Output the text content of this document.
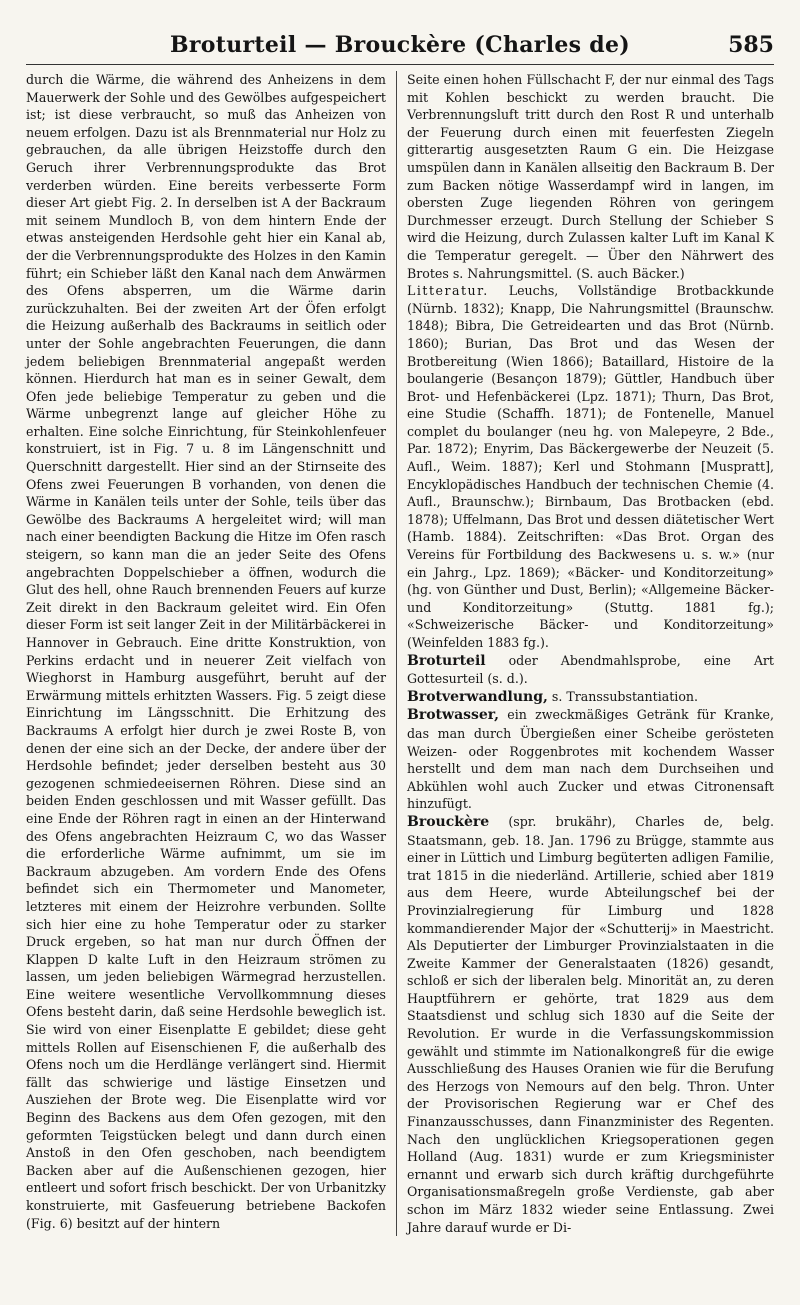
Broturteil — Brouckère (Charles de)	585

durch die Wärme, die während des Anheizens in dem Mauerwerk der Sohle und des Gewölbes aufgespeichert ist; ist diese verbraucht, so muß das Anheizen von neuem erfolgen. Dazu ist als Brennmaterial nur Holz zu gebrauchen, da alle übrigen Heizstoffe durch den Geruch ihrer Verbrennungsprodukte das Brot verderben würden. Eine bereits verbesserte Form dieser Art giebt Fig. 2. In derselben ist A der Backraum mit seinem Mundloch B, von dem hintern Ende der etwas ansteigenden Herdsohle geht hier ein Kanal ab, der die Verbrennungsprodukte des Holzes in den Kamin führt; ein Schieber läßt den Kanal nach dem Anwärmen des Ofens absperren, um die Wärme darin zurückzuhalten. Bei der zweiten Art der Öfen erfolgt die Heizung außerhalb des Backraums in seitlich oder unter der Sohle angebrachten Feuerungen, die dann jedem beliebigen Brennmaterial angepaßt werden können. Hierdurch hat man es in seiner Gewalt, dem Ofen jede beliebige Temperatur zu geben und die Wärme unbegrenzt lange auf gleicher Höhe zu erhalten. Eine solche Einrichtung, für Steinkohlenfeuer konstruiert, ist in Fig. 7 u. 8 im Längenschnitt und Querschnitt dargestellt. Hier sind an der Stirnseite des Ofens zwei Feuerungen B vorhanden, von denen die Wärme in Kanälen teils unter der Sohle, teils über das Gewölbe des Backraums A hergeleitet wird; will man nach einer beendigten Backung die Hitze im Ofen rasch steigern, so kann man die an jeder Seite des Ofens angebrachten Doppelschieber a öffnen, wodurch die Glut des hell, ohne Rauch brennenden Feuers auf kurze Zeit direkt in den Backraum geleitet wird. Ein Ofen dieser Form ist seit langer Zeit in der Militärbäckerei in Hannover in Gebrauch. Eine dritte Konstruktion, von Perkins erdacht und in neuerer Zeit vielfach von Wieghorst in Hamburg ausgeführt, beruht auf der Erwärmung mittels erhitzten Wassers. Fig. 5 zeigt diese Einrichtung im Längsschnitt. Die Erhitzung des Backraums A erfolgt hier durch je zwei Roste B, von denen der eine sich an der Decke, der andere über der Herdsohle befindet; jeder derselben besteht aus 30 gezogenen schmiedeeisernen Röhren. Diese sind an beiden Enden geschlossen und mit Wasser gefüllt. Das eine Ende der Röhren ragt in einen an der Hinterwand des Ofens angebrachten Heizraum C, wo das Wasser die erforderliche Wärme aufnimmt, um sie im Backraum abzugeben. Am vordern Ende des Ofens befindet sich ein Thermometer und Manometer, letzteres mit einem der Heizrohre verbunden. Sollte sich hier eine zu hohe Temperatur oder zu starker Druck ergeben, so hat man nur durch Öffnen der Klappen D kalte Luft in den Heizraum strömen zu lassen, um jeden beliebigen Wärmegrad herzustellen. Eine weitere wesentliche Vervollkommnung dieses Ofens besteht darin, daß seine Herdsohle beweglich ist. Sie wird von einer Eisenplatte E gebildet; diese geht mittels Rollen auf Eisenschienen F, die außerhalb des Ofens noch um die Herdlänge verlängert sind. Hiermit fällt das schwierige und lästige Einsetzen und Ausziehen der Brote weg. Die Eisenplatte wird vor Beginn des Backens aus dem Ofen gezogen, mit den geformten Teigstücken belegt und dann durch einen Anstoß in den Ofen geschoben, nach beendigtem Backen aber auf die Außenschienen gezogen, hier entleert und sofort frisch beschickt. Der von Urbanitzky konstruierte, mit Gasfeuerung betriebene Backofen (Fig. 6) besitzt auf der hintern

Seite einen hohen Füllschacht F, der nur einmal des Tags mit Kohlen beschickt zu werden braucht. Die Verbrennungsluft tritt durch den Rost R und unterhalb der Feuerung durch einen mit feuerfesten Ziegeln gitterartig ausgesetzten Raum G ein. Die Heizgase umspülen dann in Kanälen allseitig den Backraum B. Der zum Backen nötige Wasserdampf wird in langen, im obersten Zuge liegenden Röhren von geringem Durchmesser erzeugt. Durch Stellung der Schieber S wird die Heizung, durch Zulassen kalter Luft im Kanal K die Temperatur geregelt. — Über den Nährwert des Brotes s. Nahrungsmittel. (S. auch Bäcker.)

Litteratur. Leuchs, Vollständige Brotbackkunde (Nürnb. 1832); Knapp, Die Nahrungsmittel (Braunschw. 1848); Bibra, Die Getreidearten und das Brot (Nürnb. 1860); Burian, Das Brot und das Wesen der Brotbereitung (Wien 1866); Bataillard, Histoire de la boulangerie (Besançon 1879); Güttler, Handbuch über Brot- und Hefenbäckerei (Lpz. 1871); Thurn, Das Brot, eine Studie (Schaffh. 1871); de Fontenelle, Manuel complet du boulanger (neu hg. von Malepeyre, 2 Bde., Par. 1872); Enyrim, Das Bäckergewerbe der Neuzeit (5. Aufl., Weim. 1887); Kerl und Stohmann [Muspratt], Encyklopädisches Handbuch der technischen Chemie (4. Aufl., Braunschw.); Birnbaum, Das Brotbacken (ebd. 1878); Uffelmann, Das Brot und dessen diätetischer Wert (Hamb. 1884). Zeitschriften: «Das Brot. Organ des Vereins für Fortbildung des Backwesens u. s. w.» (nur ein Jahrg., Lpz. 1869); «Bäcker- und Konditorzeitung» (hg. von Günther und Dust, Berlin); «Allgemeine Bäcker- und Konditorzeitung» (Stuttg. 1881 fg.); «Schweizerische Bäcker- und Konditorzeitung» (Weinfelden 1883 fg.).

Broturteil oder Abendmahlsprobe, eine Art Gottesurteil (s. d.).

Brotverwandlung, s. Transsubstantiation.

Brotwasser, ein zweckmäßiges Getränk für Kranke, das man durch Übergießen einer Scheibe gerösteten Weizen- oder Roggenbrotes mit kochendem Wasser herstellt und dem man nach dem Durchseihen und Abkühlen wohl auch Zucker und etwas Citronensaft hinzufügt.

Brouckère (spr. brukähr), Charles de, belg. Staatsmann, geb. 18. Jan. 1796 zu Brügge, stammte aus einer in Lüttich und Limburg begüterten adligen Familie, trat 1815 in die niederländ. Artillerie, schied aber 1819 aus dem Heere, wurde Abteilungschef bei der Provinzialregierung für Limburg und 1828 kommandierender Major der «Schutterij» in Maestricht. Als Deputierter der Limburger Provinzialstaaten in die Zweite Kammer der Generalstaaten (1826) gesandt, schloß er sich der liberalen belg. Minorität an, zu deren Hauptführern er gehörte, trat 1829 aus dem Staatsdienst und schlug sich 1830 auf die Seite der Revolution. Er wurde in die Verfassungskommission gewählt und stimmte im Nationalkongreß für die ewige Ausschließung des Hauses Oranien wie für die Berufung des Herzogs von Nemours auf den belg. Thron. Unter der Provisorischen Regierung war er Chef des Finanzausschusses, dann Finanzminister des Regenten. Nach den unglücklichen Kriegsoperationen gegen Holland (Aug. 1831) wurde er zum Kriegsminister ernannt und erwarb sich durch kräftig durchgeführte Organisationsmaßregeln große Verdienste, gab aber schon im März 1832 wieder seine Entlassung. Zwei Jahre darauf wurde er Di-
